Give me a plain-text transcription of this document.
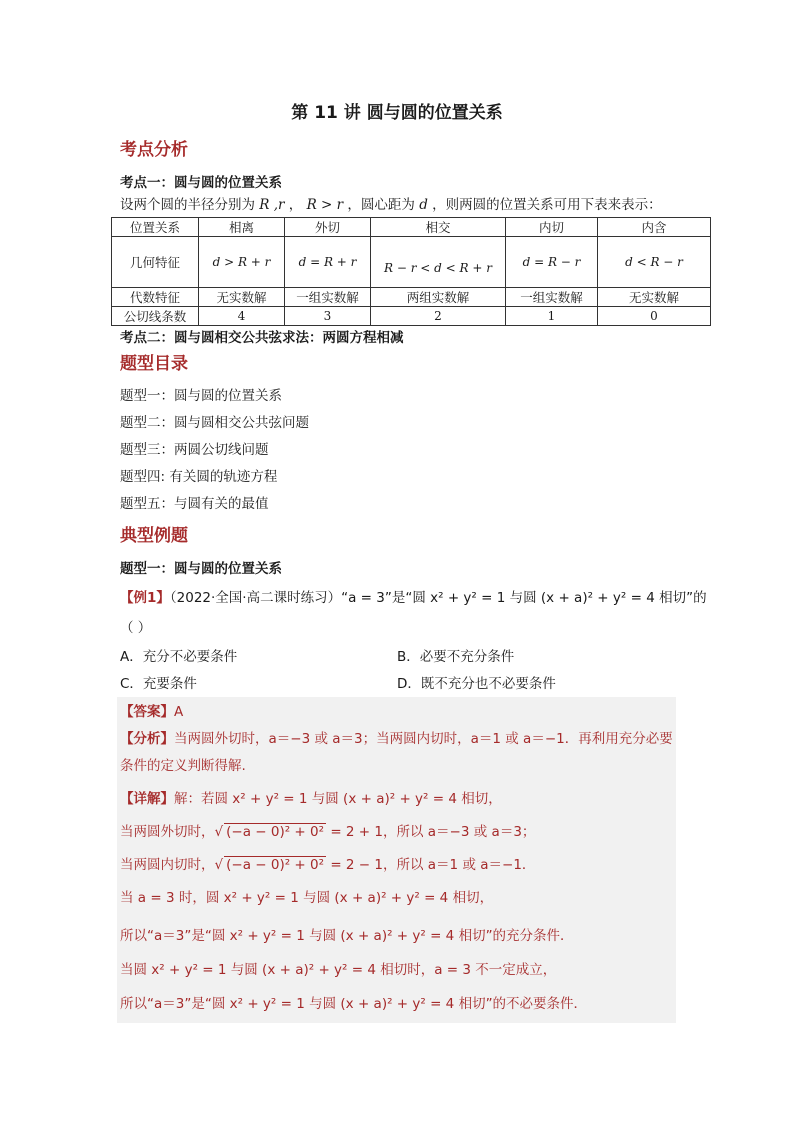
第 11 讲 圆与圆的位置关系
考点分析
考点一：圆与圆的位置关系
设两个圆的半径分别为 R ,r ， R > r ，圆心距为 d ，则两圆的位置关系可用下表来表示：
位置关系	相离	外切	相交	内切	内含
几何特征	d > R + r	d = R + r	R − r < d < R + r	d = R − r	d < R − r
代数特征	无实数解	一组实数解	两组实数解	一组实数解	无实数解
公切线条数	4	3	2	1	0
考点二：圆与圆相交公共弦求法：两圆方程相减
题型目录
题型一：圆与圆的位置关系
题型二：圆与圆相交公共弦问题
题型三：两圆公切线问题
题型四: 有关圆的轨迹方程
题型五：与圆有关的最值
典型例题
题型一：圆与圆的位置关系
【例1】（2022·全国·高二课时练习）“a = 3”是“圆 x² + y² = 1 与圆 (x + a)² + y² = 4 相切”的
（ ）
A．充分不必要条件	B．必要不充分条件
C．充要条件	D．既不充分也不必要条件
【答案】A
【分析】当两圆外切时，a＝−3 或 a＝3；当两圆内切时，a＝1 或 a＝−1．再利用充分必要
条件的定义判断得解.
【详解】解：若圆 x² + y² = 1 与圆 (x + a)² + y² = 4 相切，
当两圆外切时，√ (−a − 0)² + 0² = 2 + 1，所以 a＝−3 或 a＝3；
当两圆内切时，√ (−a − 0)² + 0² = 2 − 1，所以 a＝1 或 a＝−1．
当 a = 3 时，圆 x² + y² = 1 与圆 (x + a)² + y² = 4 相切，
所以“a＝3”是“圆 x² + y² = 1 与圆 (x + a)² + y² = 4 相切”的充分条件．
当圆 x² + y² = 1 与圆 (x + a)² + y² = 4 相切时，a = 3 不一定成立，
所以“a＝3”是“圆 x² + y² = 1 与圆 (x + a)² + y² = 4 相切”的不必要条件．
